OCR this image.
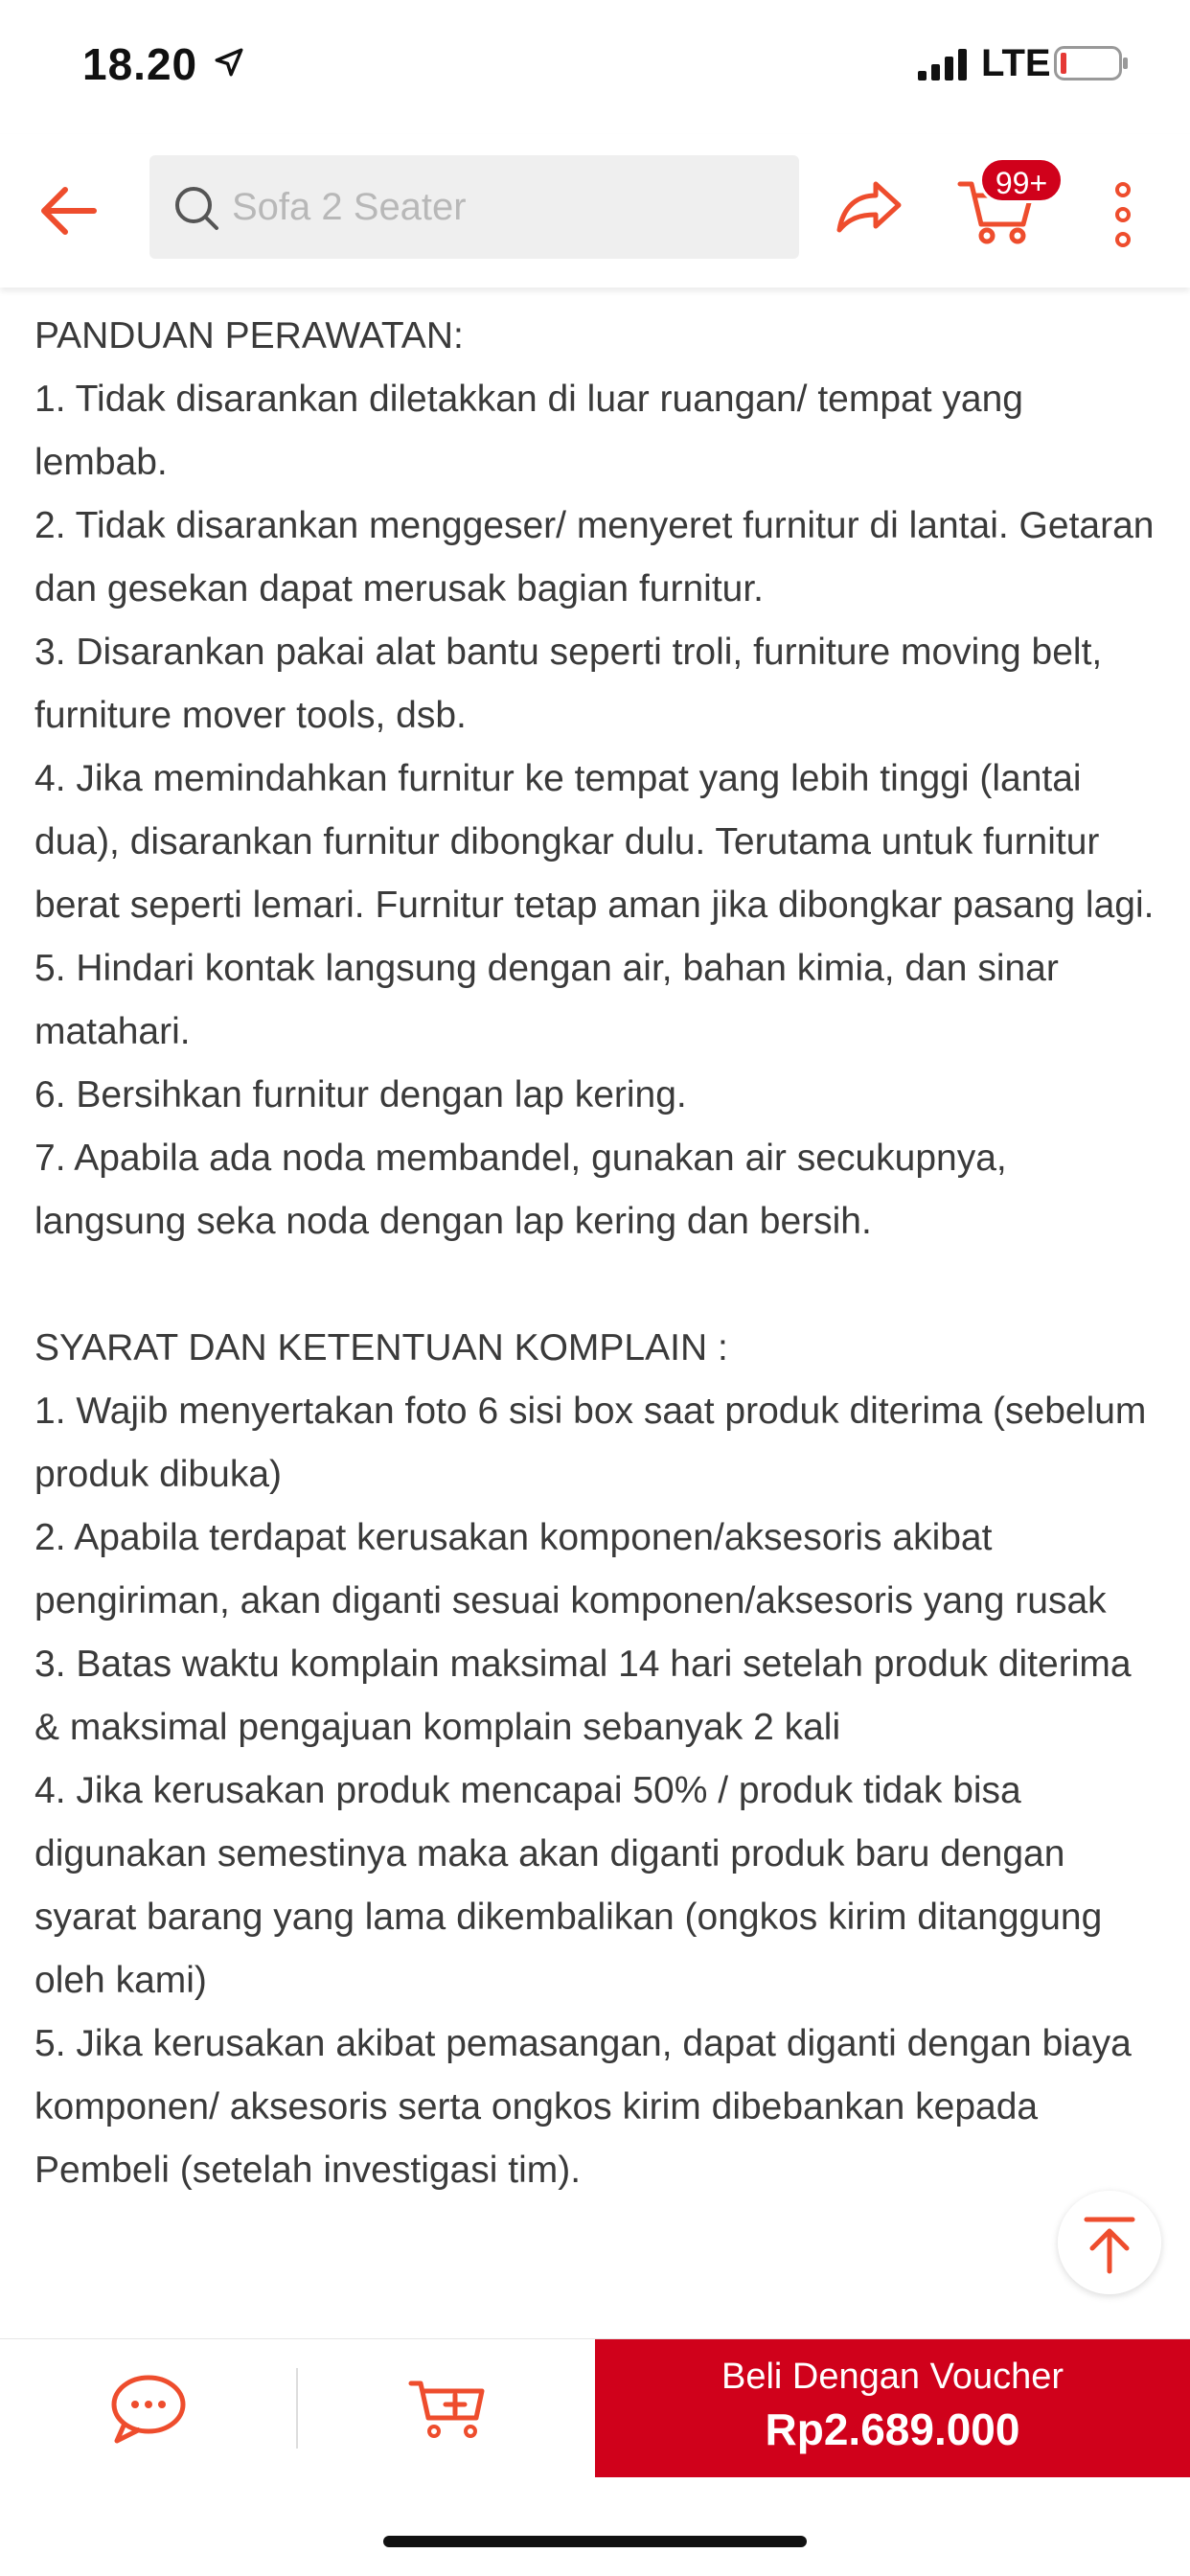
18.20	LTE
Sofa 2 Seater
99+

PANDUAN PERAWATAN:

1. Tidak disarankan diletakkan di luar ruangan/ tempat yang lembab.

2. Tidak disarankan menggeser/ menyeret furnitur di lantai. Getaran dan gesekan dapat merusak bagian furnitur.

3. Disarankan pakai alat bantu seperti troli, furniture moving belt, furniture mover tools, dsb.

4. Jika memindahkan furnitur ke tempat yang lebih tinggi (lantai dua), disarankan furnitur dibongkar dulu. Terutama untuk furnitur berat seperti lemari. Furnitur tetap aman jika dibongkar pasang lagi.

5. Hindari kontak langsung dengan air, bahan kimia, dan sinar matahari.

6. Bersihkan furnitur dengan lap kering.

7. Apabila ada noda membandel, gunakan air secukupnya, langsung seka noda dengan lap kering dan bersih.

SYARAT DAN KETENTUAN KOMPLAIN :

1. Wajib menyertakan foto 6 sisi box saat produk diterima (sebelum produk dibuka)

2. Apabila terdapat kerusakan komponen/aksesoris akibat pengiriman, akan diganti sesuai komponen/aksesoris yang rusak

3. Batas waktu komplain maksimal 14 hari setelah produk diterima & maksimal pengajuan komplain sebanyak 2 kali

4. Jika kerusakan produk mencapai 50% / produk tidak bisa digunakan semestinya maka akan diganti produk baru dengan syarat barang yang lama dikembalikan (ongkos kirim ditanggung oleh kami)

5. Jika kerusakan akibat pemasangan, dapat diganti dengan biaya komponen/ aksesoris serta ongkos kirim dibebankan kepada Pembeli (setelah investigasi tim).

Beli Dengan Voucher
Rp2.689.000
